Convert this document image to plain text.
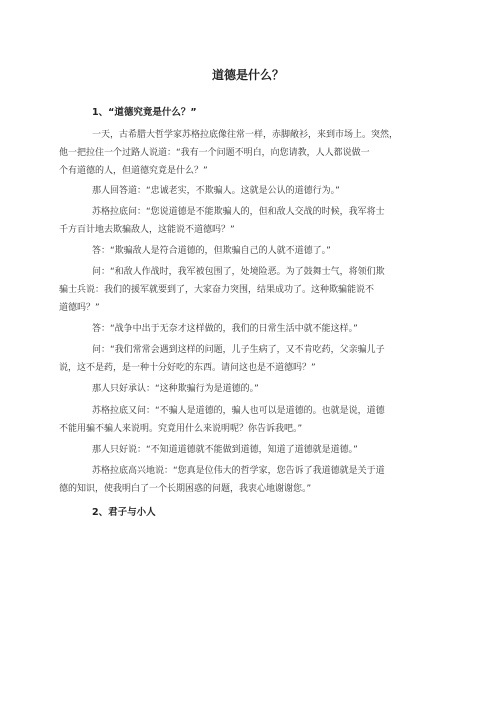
道德是什么？
1、“道德究竟是什么？”
一天，古希腊大哲学家苏格拉底像往常一样，赤脚敞衫，来到市场上。突然，
他一把拉住一个过路人说道：“我有一个问题不明白，向您请教，人人都说做一
个有道德的人，但道德究竟是什么？”
那人回答道：“忠诚老实，不欺骗人。这就是公认的道德行为。”
苏格拉底问：“您说道德是不能欺骗人的，但和敌人交战的时候，我军将士
千方百计地去欺骗敌人，这能说不道德吗？”
答：“欺骗敌人是符合道德的，但欺骗自己的人就不道德了。”
问：“和敌人作战时，我军被包围了，处境险恶。为了鼓舞士气，将领们欺
骗士兵说：我们的援军就要到了，大家奋力突围，结果成功了。这种欺骗能说不
道德吗？”
答：“战争中出于无奈才这样做的，我们的日常生活中就不能这样。”
问：“我们常常会遇到这样的问题，儿子生病了，又不肯吃药，父亲骗儿子
说，这不是药，是一种十分好吃的东西。请问这也是不道德吗？”
那人只好承认：“这种欺骗行为是道德的。”
苏格拉底又问：“不骗人是道德的，骗人也可以是道德的。也就是说，道德
不能用骗不骗人来说明。究竟用什么来说明呢？你告诉我吧。”
那人只好说：“不知道道德就不能做到道德，知道了道德就是道德。”
苏格拉底高兴地说：“您真是位伟大的哲学家，您告诉了我道德就是关于道
德的知识，使我明白了一个长期困惑的问题，我衷心地谢谢您。”
2、君子与小人
